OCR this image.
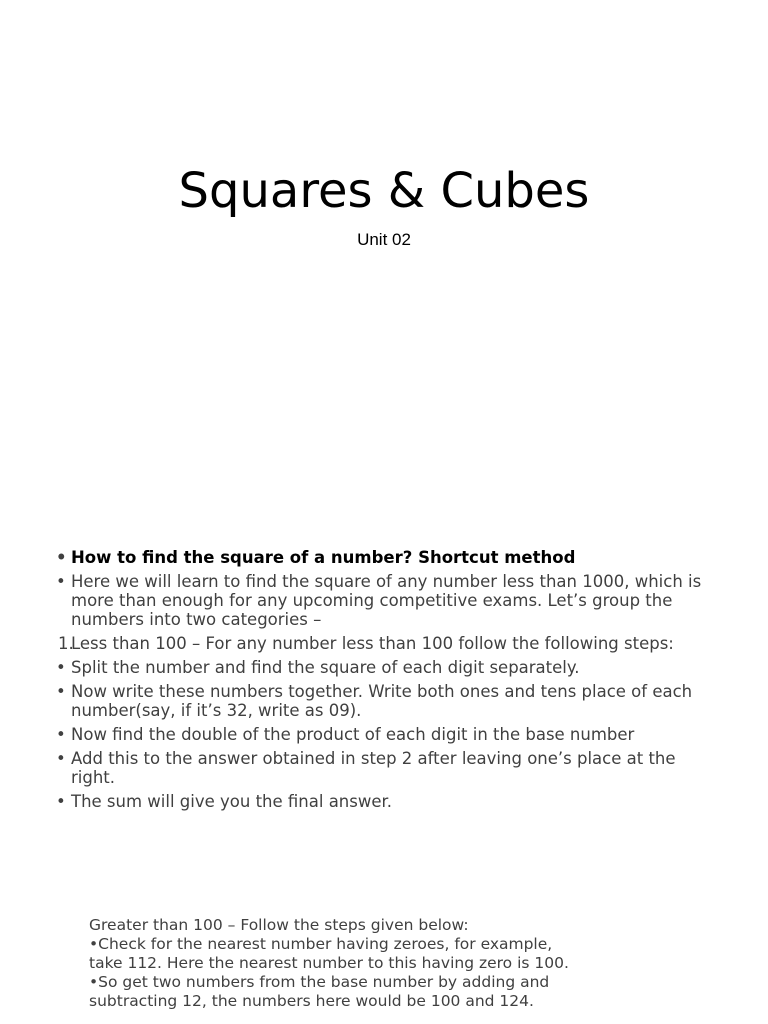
Squares & Cubes
Unit 02
• How to find the square of a number? Shortcut method
• Here we will learn to find the square of any number less than 1000, which is more than enough for any upcoming competitive exams. Let’s group the numbers into two categories –
1.
Less than 100 – For any number less than 100 follow the following steps:
• Split the number and find the square of each digit separately.
• Now write these numbers together. Write both ones and tens place of each number(say, if it’s 32, write as 09).
• Now find the double of the product of each digit in the base number
• Add this to the answer obtained in step 2 after leaving one’s place at the right.
• The sum will give you the final answer.

Greater than 100 – Follow the steps given below:

•Check for the nearest number having zeroes, for example, take 112. Here the nearest number to this having zero is 100.

•So get two numbers from the base number by adding and subtracting 12, the numbers here would be 100 and 124.
